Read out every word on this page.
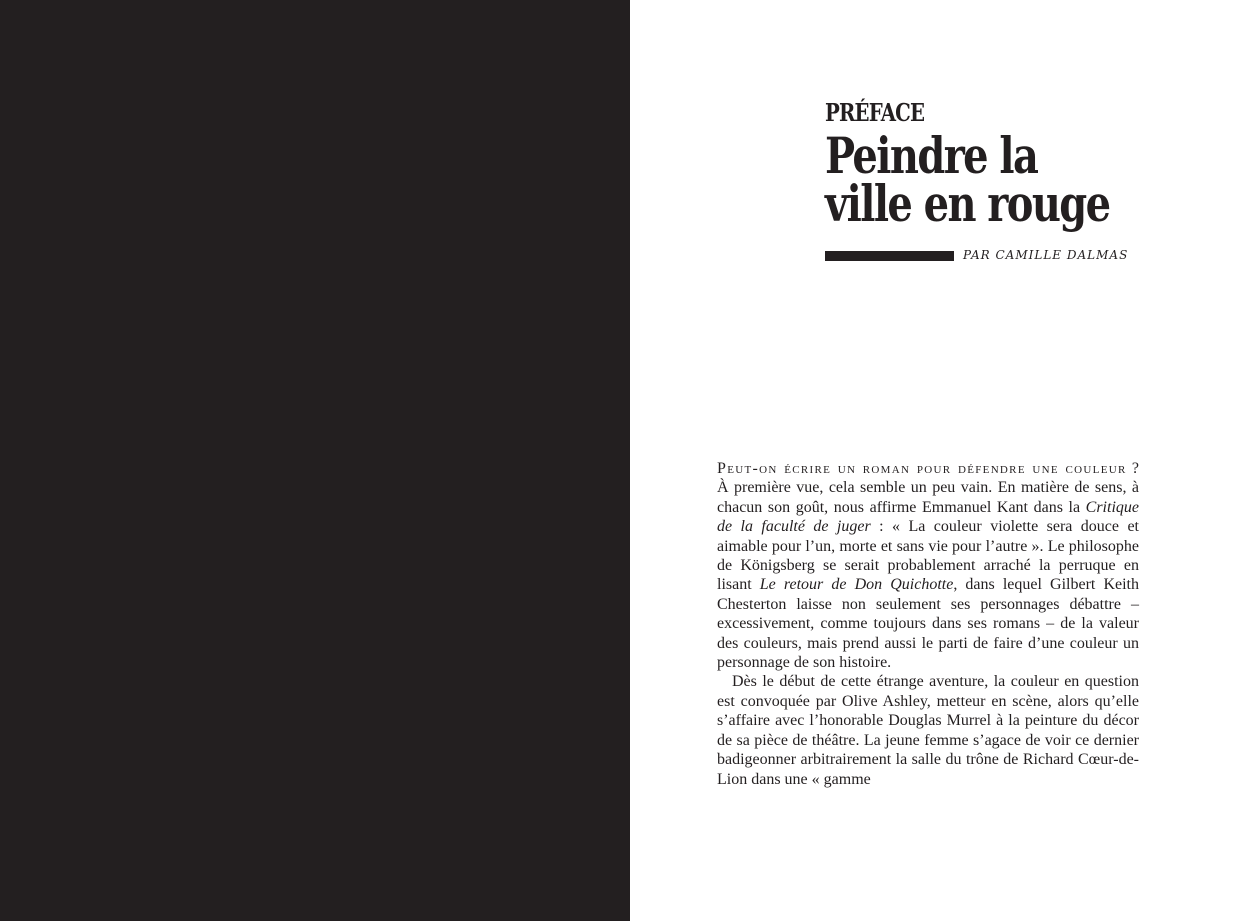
PRÉFACE
Peindre la ville en rouge
PAR CAMILLE DALMAS

Peut-on écrire un roman pour défendre une couleur ? À première vue, cela semble un peu vain. En matière de sens, à chacun son goût, nous affirme Emmanuel Kant dans la Critique de la faculté de juger : « La couleur violette sera douce et aimable pour l’un, morte et sans vie pour l’autre ». Le philosophe de Königsberg se serait probablement arraché la perruque en lisant Le retour de Don Quichotte, dans lequel Gilbert Keith Chesterton laisse non seulement ses personnages débattre – excessivement, comme toujours dans ses romans – de la valeur des couleurs, mais prend aussi le parti de faire d’une couleur un personnage de son histoire.

Dès le début de cette étrange aventure, la couleur en question est convoquée par Olive Ashley, metteur en scène, alors qu’elle s’affaire avec l’honorable Douglas Murrel à la peinture du décor de sa pièce de théâtre. La jeune femme s’agace de voir ce dernier badigeonner arbitrairement la salle du trône de Richard Cœur-de-Lion dans une « gamme
